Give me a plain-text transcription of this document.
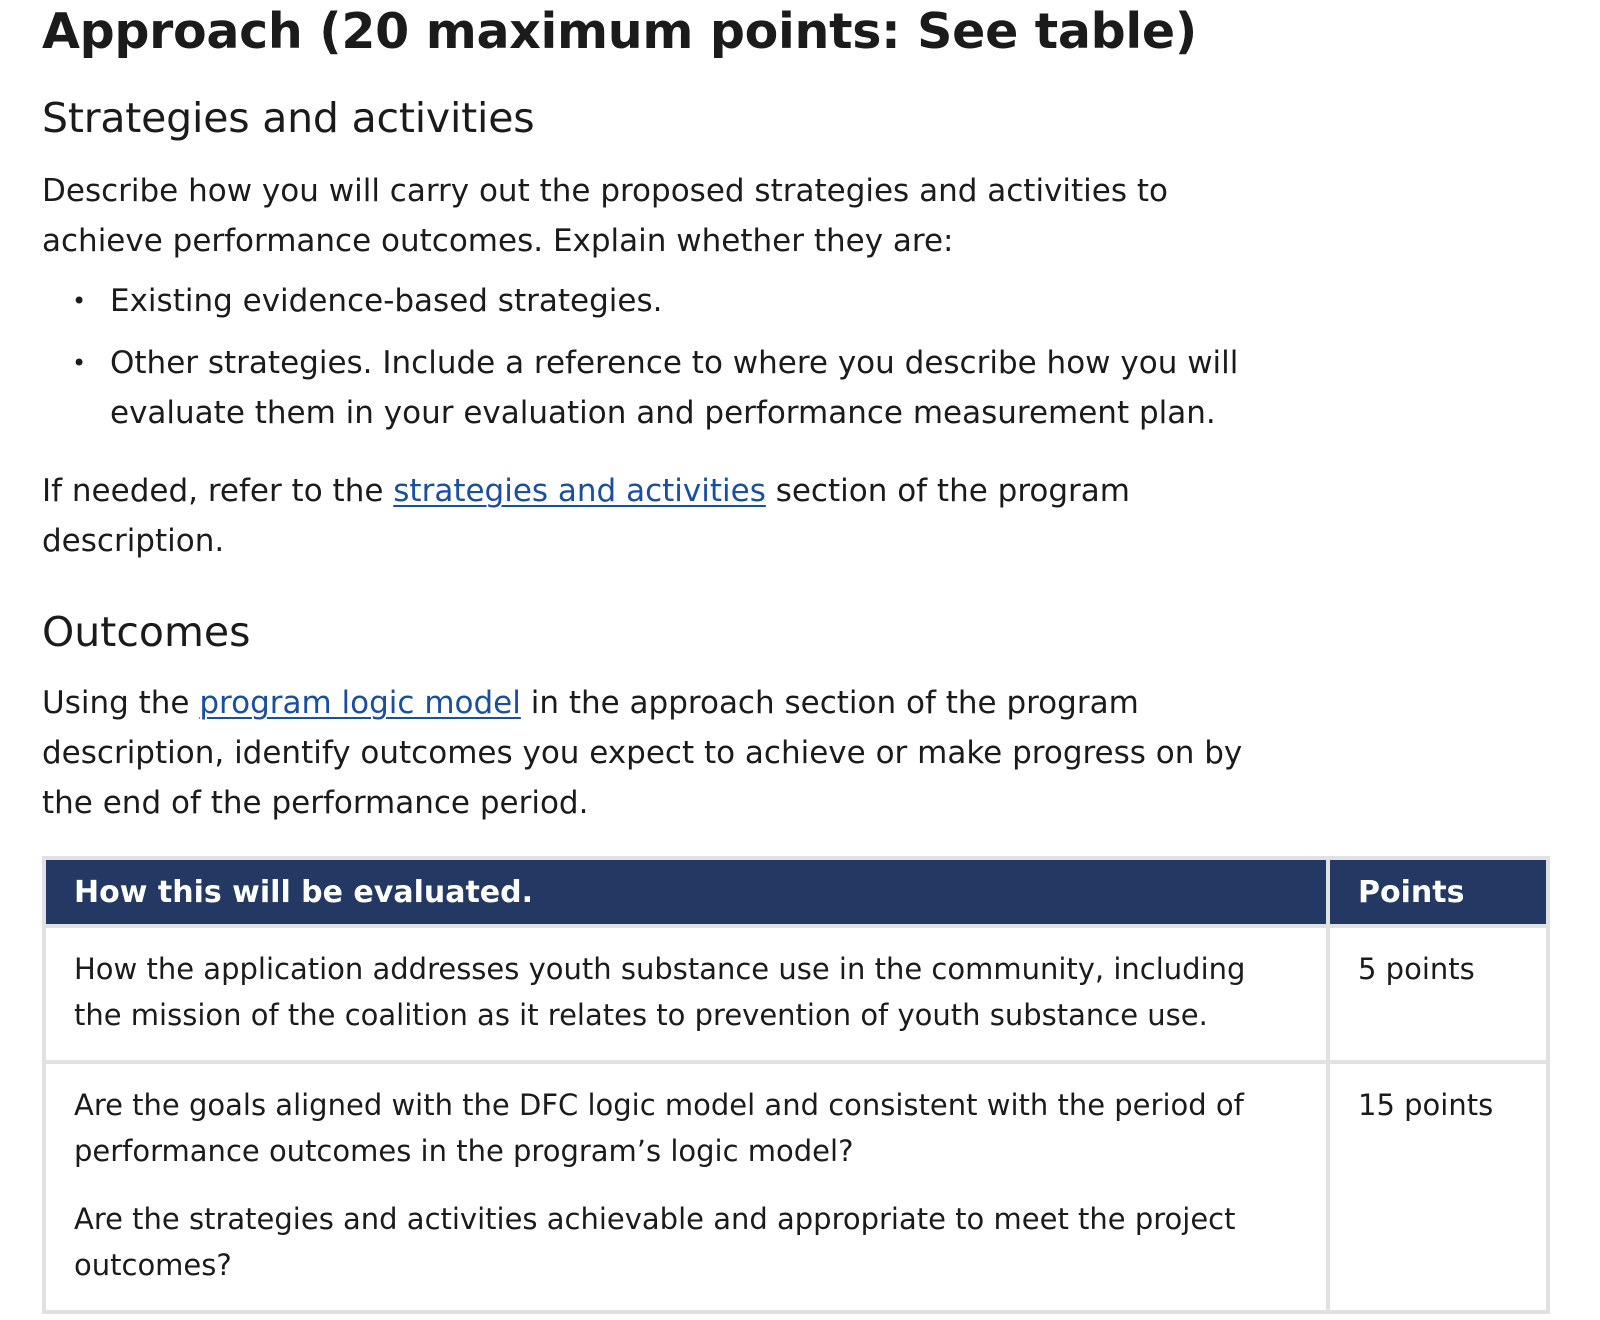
Approach (20 maximum points: See table)
Strategies and activities

Describe how you will carry out the proposed strategies and activities to achieve performance outcomes. Explain whether they are:

• Existing evidence-based strategies.
• Other strategies. Include a reference to where you describe how you will evaluate them in your evaluation and performance measurement plan.

If needed, refer to the strategies and activities section of the program description.

Outcomes

Using the program logic model in the approach section of the program description, identify outcomes you expect to achieve or make progress on by the end of the performance period.

How this will be evaluated.	Points

How the application addresses youth substance use in the community, including the mission of the coalition as it relates to prevention of youth substance use.	5 points

Are the goals aligned with the DFC logic model and consistent with the period of performance outcomes in the program’s logic model?

Are the strategies and activities achievable and appropriate to meet the project outcomes?	15 points
